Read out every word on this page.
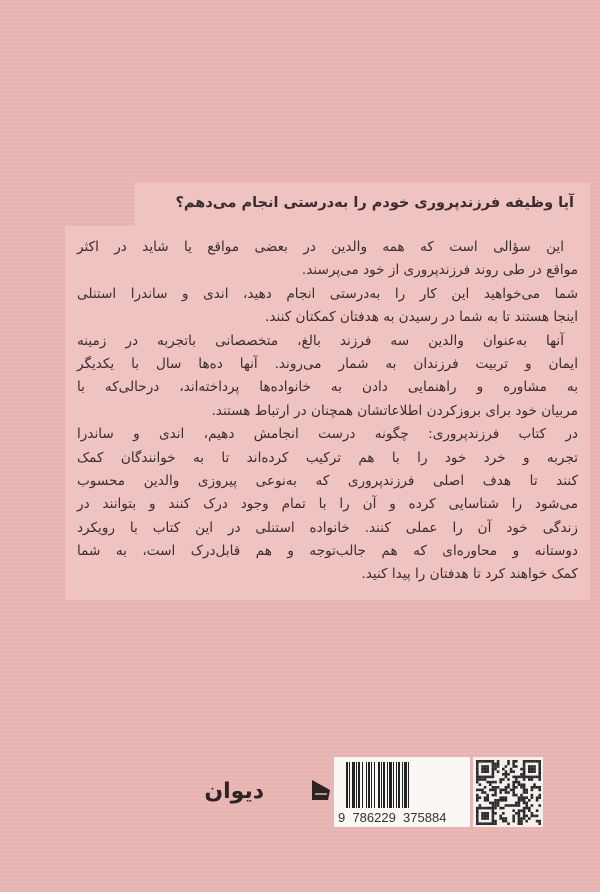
آیا وظیفه فرزندپروری خودم را به‌درستی انجام می‌دهم؟
این سؤالی است که همه والدین در بعضی مواقع یا شاید در اکثر
مواقع در طی روند فرزندپروری از خود می‌پرسند.
شما می‌خواهید این کار را به‌درستی انجام دهید، اندی و ساندرا استنلی
اینجا هستند تا به شما در رسیدن به هدفتان کمکتان کنند.
آنها به‌عنوان والدین سه فرزند بالغ، متخصصانی باتجربه در زمینه
ایمان و تربیت فرزندان به شمار می‌روند. آنها ده‌ها سال با یکدیگر
به مشاوره و راهنمایی دادن به خانواده‌ها پرداخته‌اند، درحالی‌که با
مربیان خود برای بروزکردن اطلاعاتشان همچنان در ارتباط هستند.
در کتاب فرزندپروری: چگونه درست انجامش دهیم، اندی و ساندرا
تجربه و خرد خود را با هم ترکیب کرده‌اند تا به خوانندگان کمک
کنند تا هدف اصلی فرزندپروری که به‌نوعی پیروزی والدین محسوب
می‌شود را شناسایی کرده و آن را با تمام وجود درک کنند و بتوانند در
زندگی خود آن را عملی کنند. خانواده استنلی در این کتاب با رویکرد
دوستانه و محاوره‌ای که هم جالب‌توجه و هم قابل‌درک است، به شما
کمک خواهند کرد تا هدفتان را پیدا کنید.
دیوان
9  786229  375884
